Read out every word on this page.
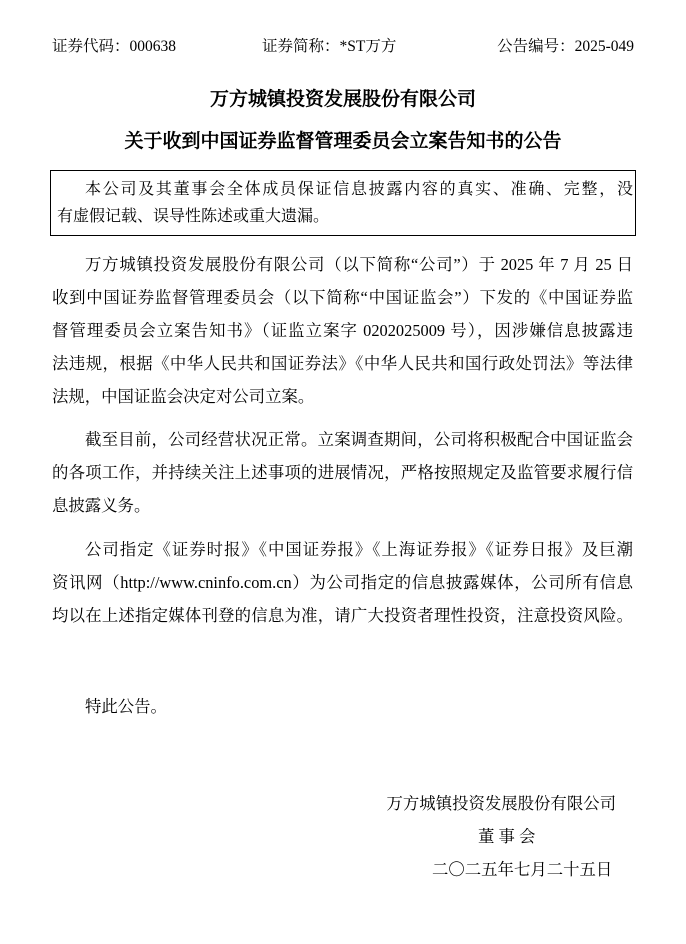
证券代码：000638	证券简称：*ST万方	公告编号：2025-049
万方城镇投资发展股份有限公司
关于收到中国证券监督管理委员会立案告知书的公告
本公司及其董事会全体成员保证信息披露内容的真实、准确、完整，没
有虚假记载、误导性陈述或重大遗漏。
万方城镇投资发展股份有限公司（以下简称“公司”）于 2025 年 7 月 25 日
收到中国证券监督管理委员会（以下简称“中国证监会”）下发的《中国证券监
督管理委员会立案告知书》（证监立案字 0202025009 号），因涉嫌信息披露违
法违规，根据《中华人民共和国证券法》《中华人民共和国行政处罚法》等法律
法规，中国证监会决定对公司立案。
截至目前，公司经营状况正常。立案调查期间，公司将积极配合中国证监会
的各项工作，并持续关注上述事项的进展情况，严格按照规定及监管要求履行信
息披露义务。
公司指定《证券时报》《中国证券报》《上海证券报》《证券日报》及巨潮
资讯网（http://www.cninfo.com.cn）为公司指定的信息披露媒体，公司所有信息
均以在上述指定媒体刊登的信息为准，请广大投资者理性投资，注意投资风险。
特此公告。
万方城镇投资发展股份有限公司
董 事 会
二〇二五年七月二十五日
